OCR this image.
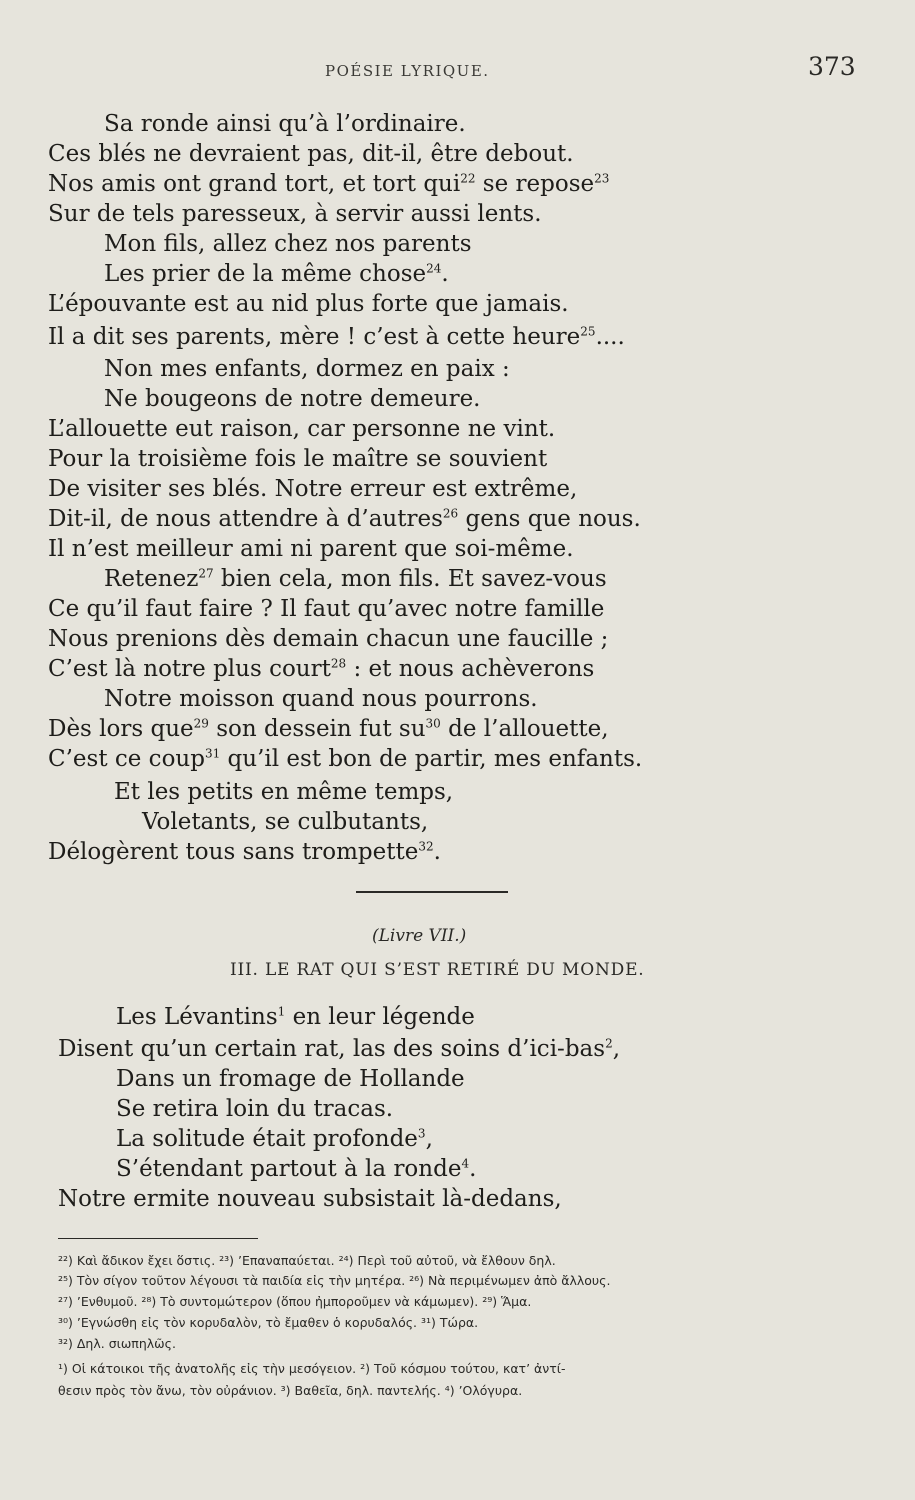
POÉSIE LYRIQUE.	373
Sa ronde ainsi qu’à l’ordinaire.
Ces blés ne devraient pas, dit-il, être debout.
Nos amis ont grand tort, et tort qui$^{22}$ se repose$^{23}$
Sur de tels paresseux, à servir aussi lents.
Mon fils, allez chez nos parents
Les prier de la même chose$^{24}$.
L’épouvante est au nid plus forte que jamais.
Il a dit ses parents, mère ! c’est à cette heure$^{25}$....
Non mes enfants, dormez en paix :
Ne bougeons de notre demeure.
L’allouette eut raison, car personne ne vint.
Pour la troisième fois le maître se souvient
De visiter ses blés. Notre erreur est extrême,
Dit-il, de nous attendre à d’autres$^{26}$ gens que nous.
Il n’est meilleur ami ni parent que soi-même.
Retenez$^{27}$ bien cela, mon fils. Et savez-vous
Ce qu’il faut faire ? Il faut qu’avec notre famille
Nous prenions dès demain chacun une faucille ;
C’est là notre plus court$^{28}$ : et nous achèverons
Notre moisson quand nous pourrons.
Dès lors que$^{29}$ son dessein fut su$^{30}$ de l’allouette,
C’est ce coup$^{31}$ qu’il est bon de partir, mes enfants.
Et les petits en même temps,
Voletants, se culbutants,
Délogèrent tous sans trompette$^{32}$.
Les Lévantins$^1$ en leur légende
Disent qu’un certain rat, las des soins d’ici-bas$^2$,
Dans un fromage de Hollande
Se retira loin du tracas.
La solitude était profonde$^3$,
S’étendant partout à la ronde$^4$.
Notre ermite nouveau subsistait là-dedans,
(Livre VII.)
III. LE RAT QUI S’EST RETIRÉ DU MONDE.
²²) Καὶ ἄδικον ἔχει ὅστις. ²³) ’Επαναπαύεται. ²⁴) Περὶ τοῦ αὐτοῦ, νὰ ἔλθουν δηλ.
²⁵) Τὸν σίγον τοῦτον λέγουσι τὰ παιδία εἰς τὴν μητέρα. ²⁶) Νὰ περιμένωμεν ἀπὸ ἄλλους.
²⁷) ’Ενθυμοῦ. ²⁸) Τὸ συντομώτερον (ὅπου ἠμποροῦμεν νὰ κάμωμεν). ²⁹) Ἅμα.
³⁰) ’Εγνώσθη εἰς τὸν κορυδαλὸν, τὸ ἔμαθεν ὁ κορυδαλός. ³¹) Τώρα.
³²) Δηλ. σιωπηλῶς.
¹) Οἱ κάτοικοι τῆς ἀνατολῆς εἰς τὴν μεσόγειον. ²) Τοῦ κόσμου τούτου, κατ’ ἀντί-
θεσιν πρὸς τὸν ἄνω, τὸν οὐράνιον. ³) Βαθεῖα, δηλ. παντελής. ⁴) ’Ολόγυρα.
